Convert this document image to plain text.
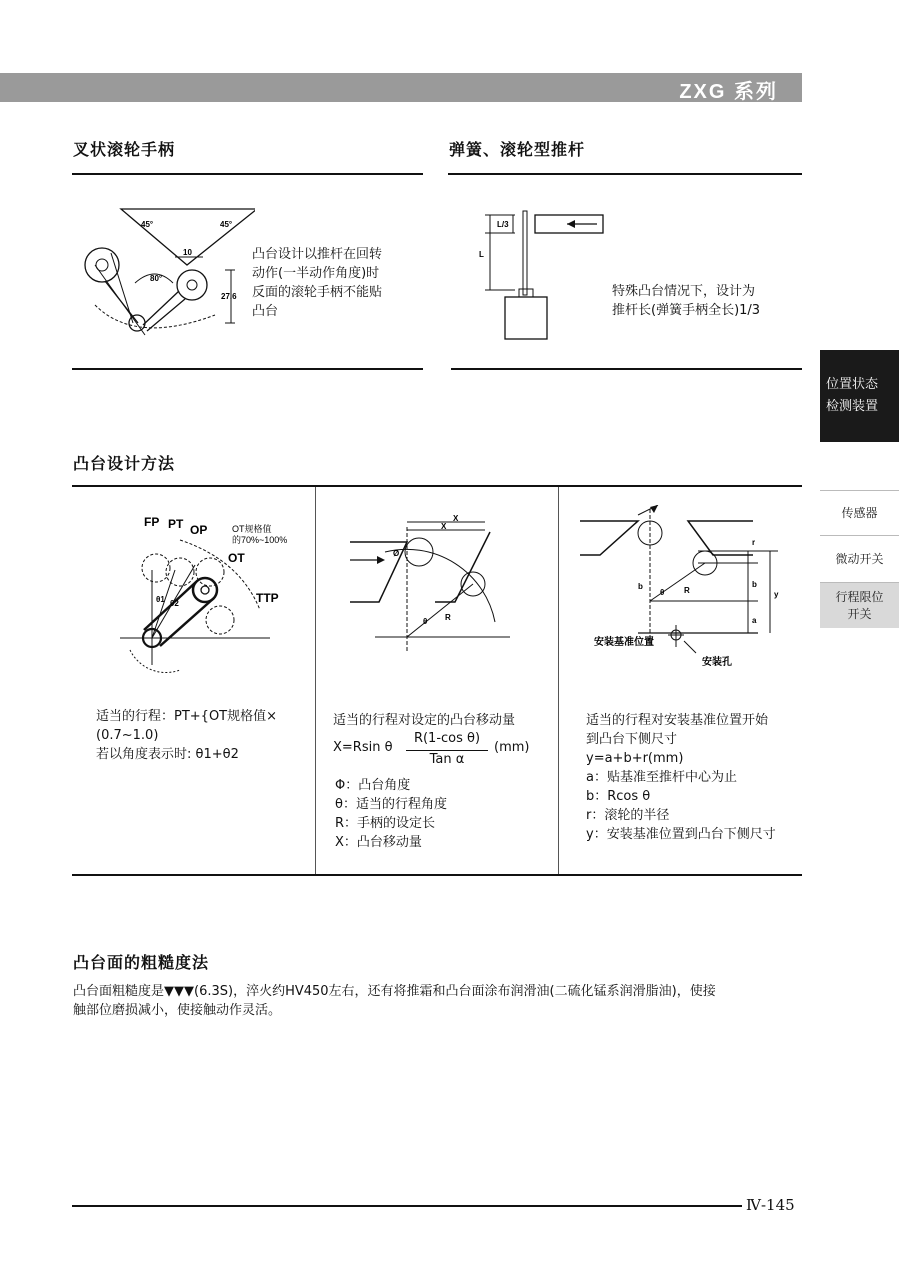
ZXG 系列
叉状滚轮手柄
45°	45°
10
80°
27.6
凸台设计以推杆在回转
动作(一半动作角度)时
反面的滚轮手柄不能贴
凸台
弹簧、滚轮型推杆
L/3
L
特殊凸台情况下，设计为
推杆长(弹簧手柄全长)1/3
凸台设计方法
FP PT OP
OT
TTP
OT规格值
的70%~100%
θ1 θ2
适当的行程：PT+{OT规格值×
(0.7~1.0)
若以角度表示时: θ1+θ2
X
X
Ø
θ R
适当的行程对设定的凸台移动量
X=Rsin θ
R(1-cos θ)
Tan α
(mm)
Φ：凸台角度
θ：适当的行程角度
R：手柄的设定长
X：凸台移动量
r
b	b
y
a
θ R
安装基准位置
安装孔
适当的行程对安装基准位置开始
到凸台下侧尺寸
y=a+b+r(mm)
a：贴基准至推杆中心为止
b：Rcos θ
r：滚轮的半径
y：安装基准位置到凸台下侧尺寸
凸台面的粗糙度法
凸台面粗糙度是▼▼▼(6.3S)，淬火约HV450左右，还有将推霜和凸台面涂布润滑油(二硫化锰系润滑脂油)，使接
触部位磨损减小，使接触动作灵活。
位置状态
检测装置
传感器
微动开关
行程限位
开关
Ⅳ-145
